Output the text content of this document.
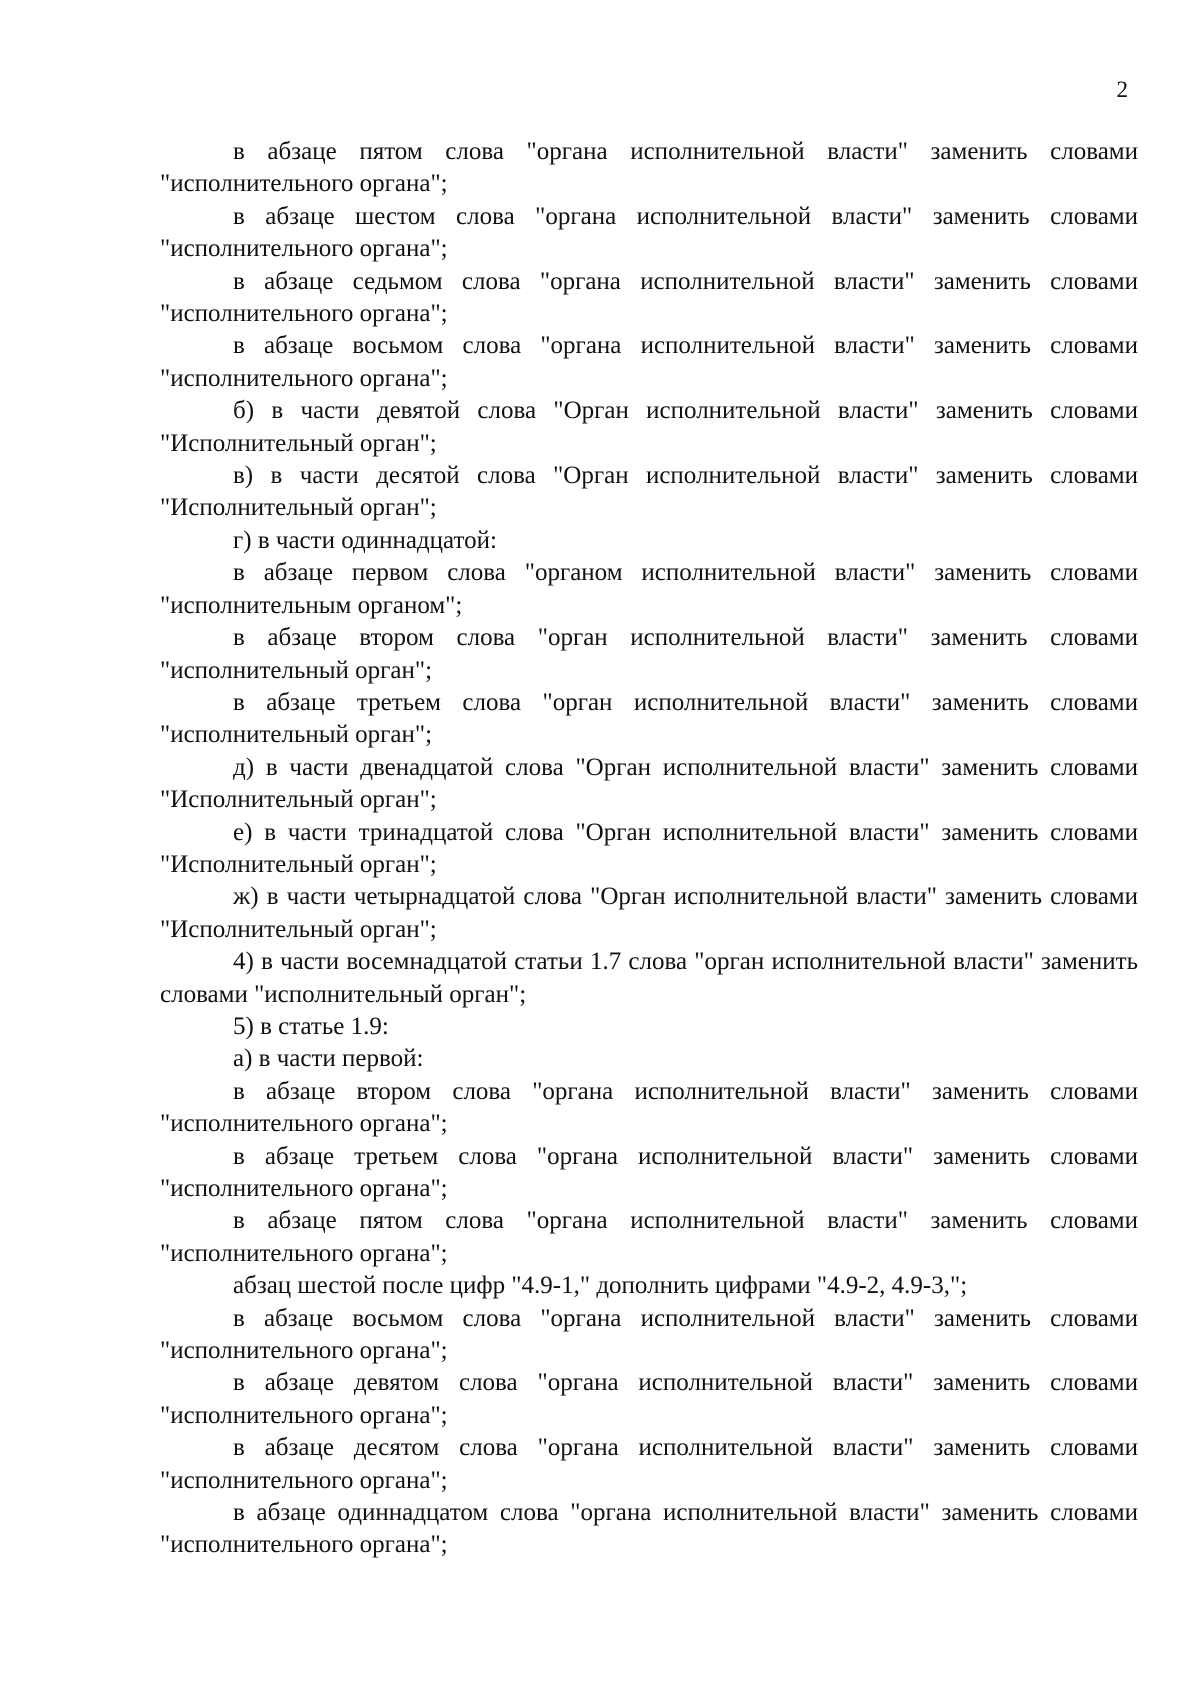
2

в абзаце пятом слова "органа исполнительной власти" заменить словами "исполнительного органа";

в абзаце шестом слова "органа исполнительной власти" заменить словами "исполнительного органа";

в абзаце седьмом слова "органа исполнительной власти" заменить словами "исполнительного органа";

в абзаце восьмом слова "органа исполнительной власти" заменить словами "исполнительного органа";

б) в части девятой слова "Орган исполнительной власти" заменить словами "Исполнительный орган";

в) в части десятой слова "Орган исполнительной власти" заменить словами "Исполнительный орган";

г) в части одиннадцатой:

в абзаце первом слова "органом исполнительной власти" заменить словами "исполнительным органом";

в абзаце втором слова "орган исполнительной власти" заменить словами "исполнительный орган";

в абзаце третьем слова "орган исполнительной власти" заменить словами "исполнительный орган";

д) в части двенадцатой слова "Орган исполнительной власти" заменить словами "Исполнительный орган";

е) в части тринадцатой слова "Орган исполнительной власти" заменить словами "Исполнительный орган";

ж) в части четырнадцатой слова "Орган исполнительной власти" заменить словами "Исполнительный орган";

4) в части восемнадцатой статьи 1.7 слова "орган исполнительной власти" заменить словами "исполнительный орган";

5) в статье 1.9:

а) в части первой:

в абзаце втором слова "органа исполнительной власти" заменить словами "исполнительного органа";

в абзаце третьем слова "органа исполнительной власти" заменить словами "исполнительного органа";

в абзаце пятом слова "органа исполнительной власти" заменить словами "исполнительного органа";

абзац шестой после цифр "4.9-1," дополнить цифрами "4.9-2, 4.9-3,";

в абзаце восьмом слова "органа исполнительной власти" заменить словами "исполнительного органа";

в абзаце девятом слова "органа исполнительной власти" заменить словами "исполнительного органа";

в абзаце десятом слова "органа исполнительной власти" заменить словами "исполнительного органа";

в абзаце одиннадцатом слова "органа исполнительной власти" заменить словами "исполнительного органа";
